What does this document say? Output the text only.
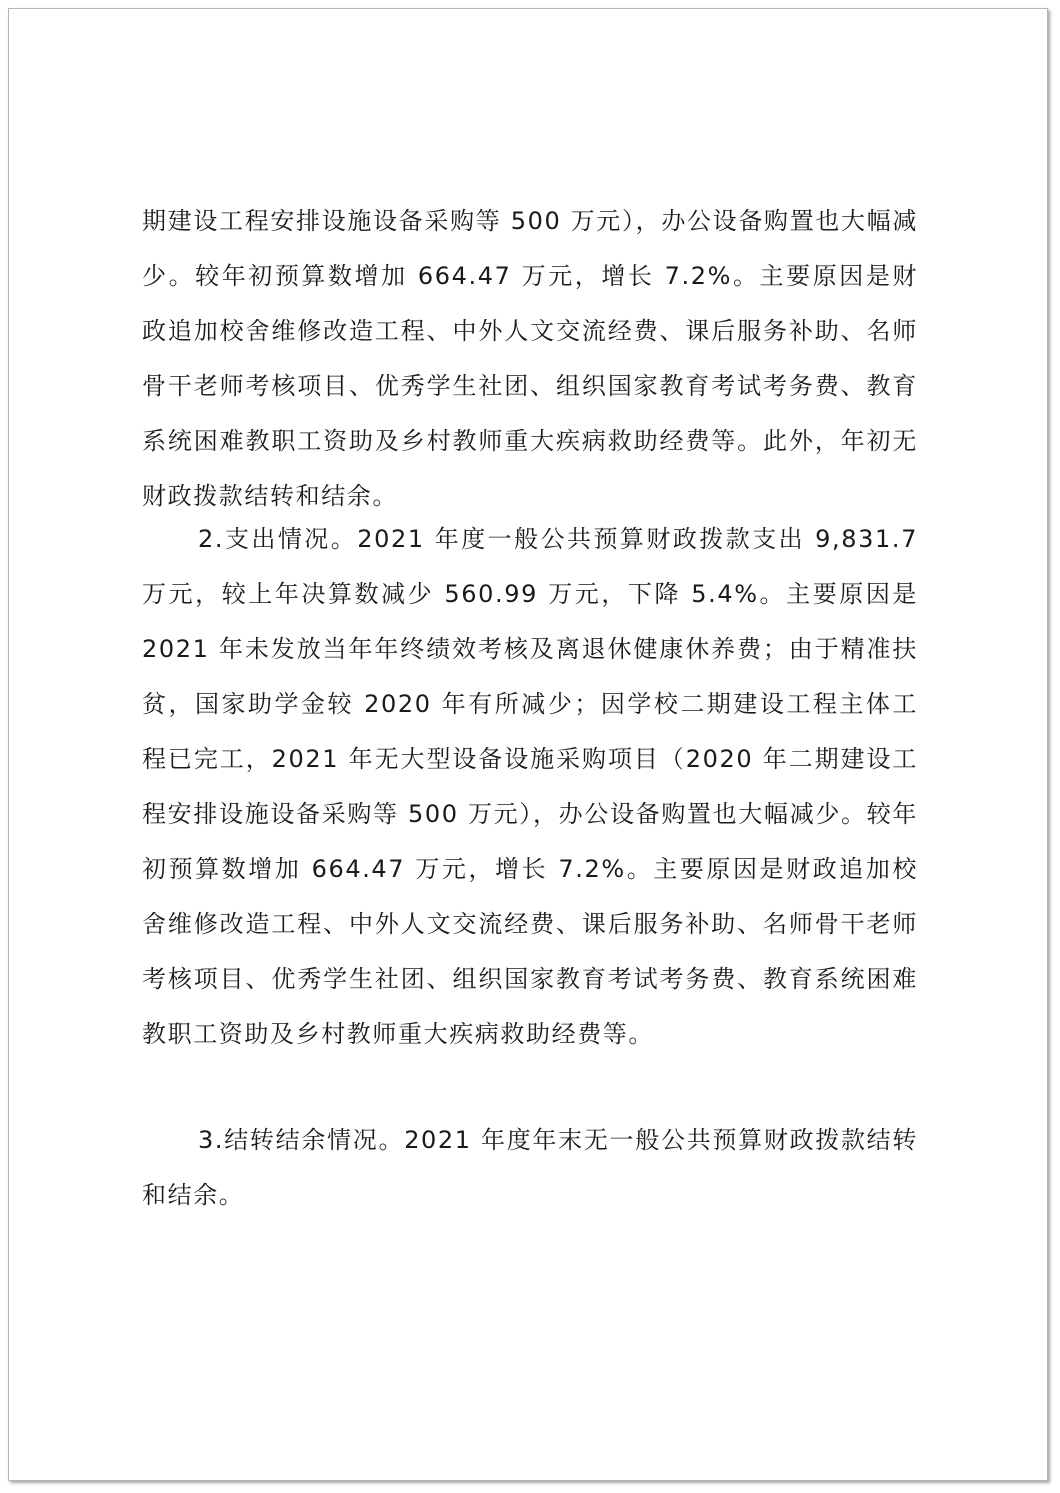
期建设工程安排设施设备采购等 500 万元），办公设备购置也大幅减少。较年初预算数增加 664.47 万元，增长 7.2%。主要原因是财政追加校舍维修改造工程、中外人文交流经费、课后服务补助、名师骨干老师考核项目、优秀学生社团、组织国家教育考试考务费、教育系统困难教职工资助及乡村教师重大疾病救助经费等。此外，年初无财政拨款结转和结余。

2.支出情况。2021 年度一般公共预算财政拨款支出 9,831.7 万元，较上年决算数减少 560.99 万元，下降 5.4%。主要原因是 2021 年未发放当年年终绩效考核及离退休健康休养费；由于精准扶贫，国家助学金较 2020 年有所减少；因学校二期建设工程主体工程已完工，2021 年无大型设备设施采购项目（2020 年二期建设工程安排设施设备采购等 500 万元），办公设备购置也大幅减少。较年初预算数增加 664.47 万元，增长 7.2%。主要原因是财政追加校舍维修改造工程、中外人文交流经费、课后服务补助、名师骨干老师考核项目、优秀学生社团、组织国家教育考试考务费、教育系统困难教职工资助及乡村教师重大疾病救助经费等。

3.结转结余情况。2021 年度年末无一般公共预算财政拨款结转和结余。
